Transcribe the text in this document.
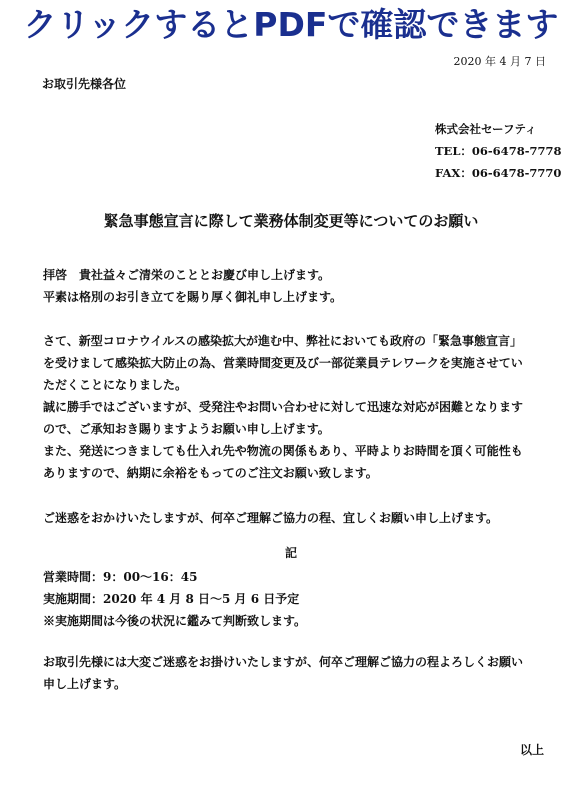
クリックするとPDFで確認できます
2020 年 4 月 7 日
お取引先様各位
株式会社セーフティ
TEL：06-6478-7778
FAX：06-6478-7770
緊急事態宣言に際して業務体制変更等についてのお願い
拝啓　貴社益々ご清栄のこととお慶び申し上げます。
平素は格別のお引き立てを賜り厚く御礼申し上げます。
さて、新型コロナウイルスの感染拡大が進む中、弊社においても政府の「緊急事態宣言」
を受けまして感染拡大防止の為、営業時間変更及び一部従業員テレワークを実施させてい
ただくことになりました。
誠に勝手ではございますが、受発注やお問い合わせに対して迅速な対応が困難となります
ので、ご承知おき賜りますようお願い申し上げます。
また、発送につきましても仕入れ先や物流の関係もあり、平時よりお時間を頂く可能性も
ありますので、納期に余裕をもってのご注文お願い致します。
ご迷惑をおかけいたしますが、何卒ご理解ご協力の程、宜しくお願い申し上げます。
記
営業時間：9：00～16：45
実施期間：2020 年 4 月 8 日～5 月 6 日予定
※実施期間は今後の状況に鑑みて判断致します。
お取引先様には大変ご迷惑をお掛けいたしますが、何卒ご理解ご協力の程よろしくお願い
申し上げます。
以上
